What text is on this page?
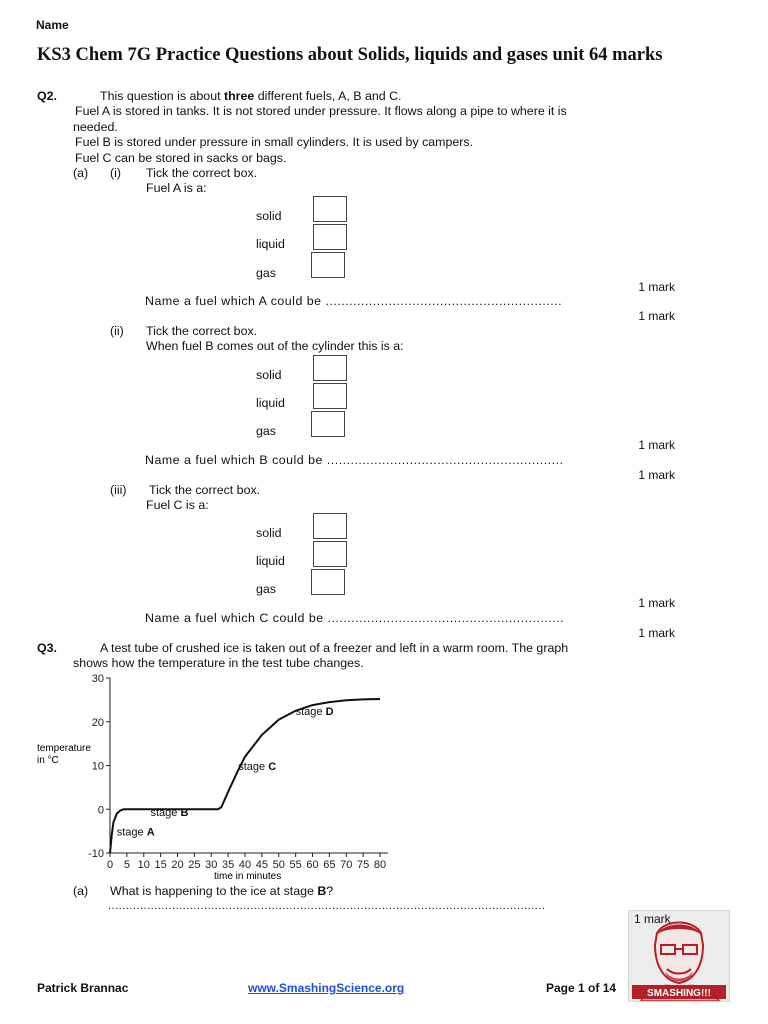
Name
KS3 Chem 7G Practice Questions about Solids, liquids and gases unit 64 marks
Q2.	This question is about three different fuels, A, B and C.
Fuel A is stored in tanks. It is not stored under pressure. It flows along a pipe to where it is
needed.
Fuel B is stored under pressure in small cylinders. It is used by campers.
Fuel C can be stored in sacks or bags.
(a) (i) Tick the correct box.
Fuel A is a:
solid
liquid
gas
1 mark
Name a fuel which A could be ............................................................
1 mark
(ii) Tick the correct box.
When fuel B comes out of the cylinder this is a:
solid
liquid
gas
1 mark
Name a fuel which B could be ............................................................
1 mark
(iii) Tick the correct box.
Fuel C is a:
solid
liquid
gas
1 mark
Name a fuel which C could be ............................................................
1 mark
Q3.	A test tube of crushed ice is taken out of a freezer and left in a warm room. The graph
shows how the temperature in the test tube changes.
-10
0
10
20
30
0 5 10 15 20 25 30 35 40 45 50 55 60 65 70 75 80
stage A
stage B
stage C
stage D
temperature
in °C
time in minutes
(a) What is happening to the ice at stage B?
...........................................................................................................................
SMASHING!!!
1 mark
Patrick Brannac	www.SmashingScience.org	Page 1 of 14
